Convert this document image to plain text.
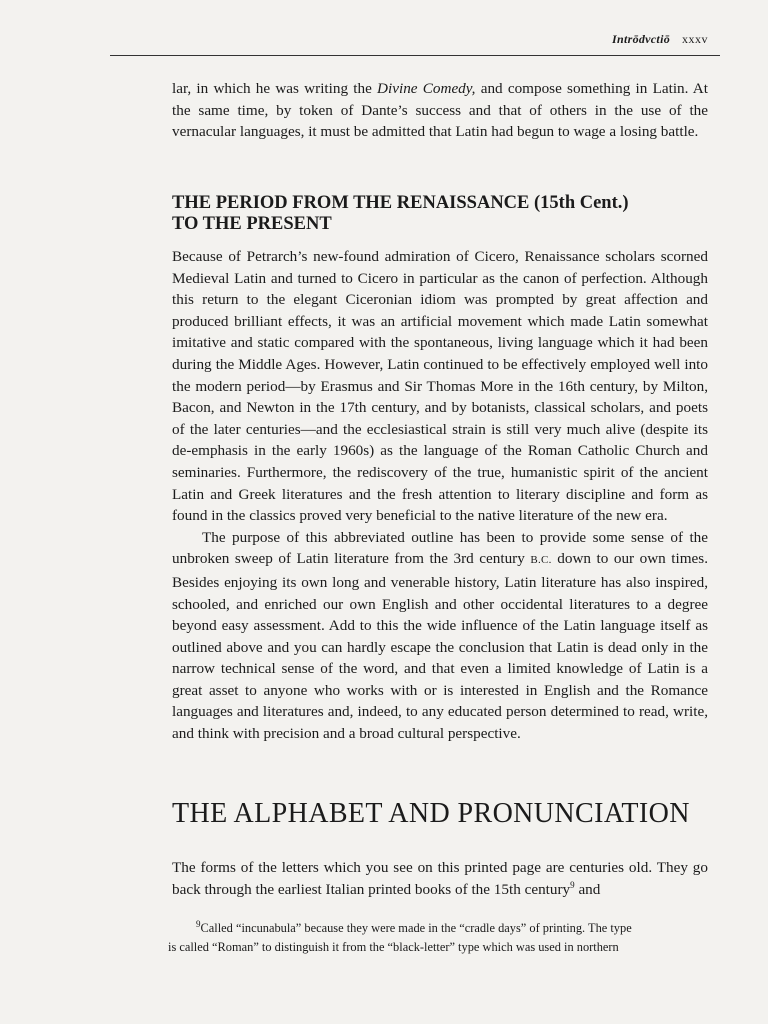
Intrōdvctiō xxxv

lar, in which he was writing the Divine Comedy, and compose something in Latin. At the same time, by token of Dante’s success and that of others in the use of the vernacular languages, it must be admitted that Latin had begun to wage a losing battle.

THE PERIOD FROM THE RENAISSANCE (15th Cent.)
TO THE PRESENT

Because of Petrarch’s new-found admiration of Cicero, Renaissance scholars scorned Medieval Latin and turned to Cicero in particular as the canon of perfection. Although this return to the elegant Ciceronian idiom was prompted by great affection and produced brilliant effects, it was an artificial movement which made Latin somewhat imitative and static compared with the spontaneous, living language which it had been during the Middle Ages. However, Latin continued to be effectively employed well into the modern period—by Erasmus and Sir Thomas More in the 16th century, by Milton, Bacon, and Newton in the 17th century, and by botanists, classical scholars, and poets of the later centuries—and the ecclesiastical strain is still very much alive (despite its de-emphasis in the early 1960s) as the language of the Roman Catholic Church and seminaries. Furthermore, the rediscovery of the true, humanistic spirit of the ancient Latin and Greek literatures and the fresh attention to literary discipline and form as found in the classics proved very beneficial to the native literature of the new era.

The purpose of this abbreviated outline has been to provide some sense of the unbroken sweep of Latin literature from the 3rd century B.C. down to our own times. Besides enjoying its own long and venerable history, Latin literature has also inspired, schooled, and enriched our own English and other occidental literatures to a degree beyond easy assessment. Add to this the wide influence of the Latin language itself as outlined above and you can hardly escape the conclusion that Latin is dead only in the narrow technical sense of the word, and that even a limited knowledge of Latin is a great asset to anyone who works with or is interested in English and the Romance languages and literatures and, indeed, to any educated person determined to read, write, and think with precision and a broad cultural perspective.

THE ALPHABET AND PRONUNCIATION

The forms of the letters which you see on this printed page are centuries old. They go back through the earliest Italian printed books of the 15th century$^9$ and

$^9$Called “incunabula” because they were made in the “cradle days” of printing. The type
is called “Roman” to distinguish it from the “black-letter” type which was used in northern
